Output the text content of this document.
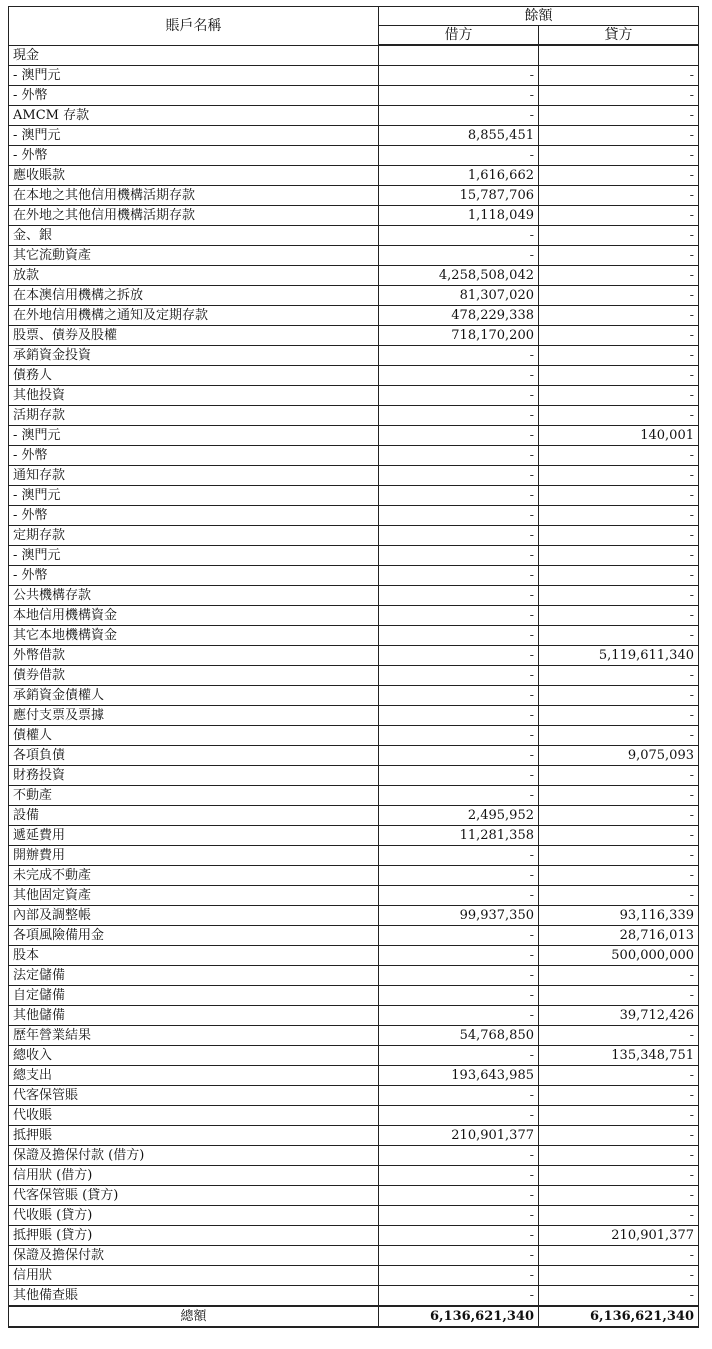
賬戶名稱	餘額	
	借方	貸方
現金		
- 澳門元	-	-
- 外幣	-	-
AMCM 存款	-	-
- 澳門元	8,855,451	-
- 外幣	-	-
應收賬款	1,616,662	-
在本地之其他信用機構活期存款	15,787,706	-
在外地之其他信用機構活期存款	1,118,049	-
金、銀	-	-
其它流動資產	-	-
放款	4,258,508,042	-
在本澳信用機構之拆放	81,307,020	-
在外地信用機構之通知及定期存款	478,229,338	-
股票、債券及股權	718,170,200	-
承銷資金投資	-	-
債務人	-	-
其他投資	-	-
活期存款	-	-
- 澳門元	-	140,001
- 外幣	-	-
通知存款	-	-
- 澳門元	-	-
- 外幣	-	-
定期存款	-	-
- 澳門元	-	-
- 外幣	-	-
公共機構存款	-	-
本地信用機構資金	-	-
其它本地機構資金	-	-
外幣借款	-	5,119,611,340
債券借款	-	-
承銷資金債權人	-	-
應付支票及票據	-	-
債權人	-	-
各項負債	-	9,075,093
財務投資	-	-
不動產	-	-
設備	2,495,952	-
遞延費用	11,281,358	-
開辦費用	-	-
未完成不動產	-	-
其他固定資產	-	-
內部及調整帳	99,937,350	93,116,339
各項風險備用金	-	28,716,013
股本	-	500,000,000
法定儲備	-	-
自定儲備	-	-
其他儲備	-	39,712,426
歷年營業結果	54,768,850	-
總收入	-	135,348,751
總支出	193,643,985	-
代客保管賬	-	-
代收賬	-	-
抵押賬	210,901,377	-
保證及擔保付款 (借方)	-	-
信用狀 (借方)	-	-
代客保管賬 (貸方)	-	-
代收賬 (貸方)	-	-
抵押賬 (貸方)	-	210,901,377
保證及擔保付款	-	-
信用狀	-	-
其他備查賬	-	-
總額	6,136,621,340	6,136,621,340
